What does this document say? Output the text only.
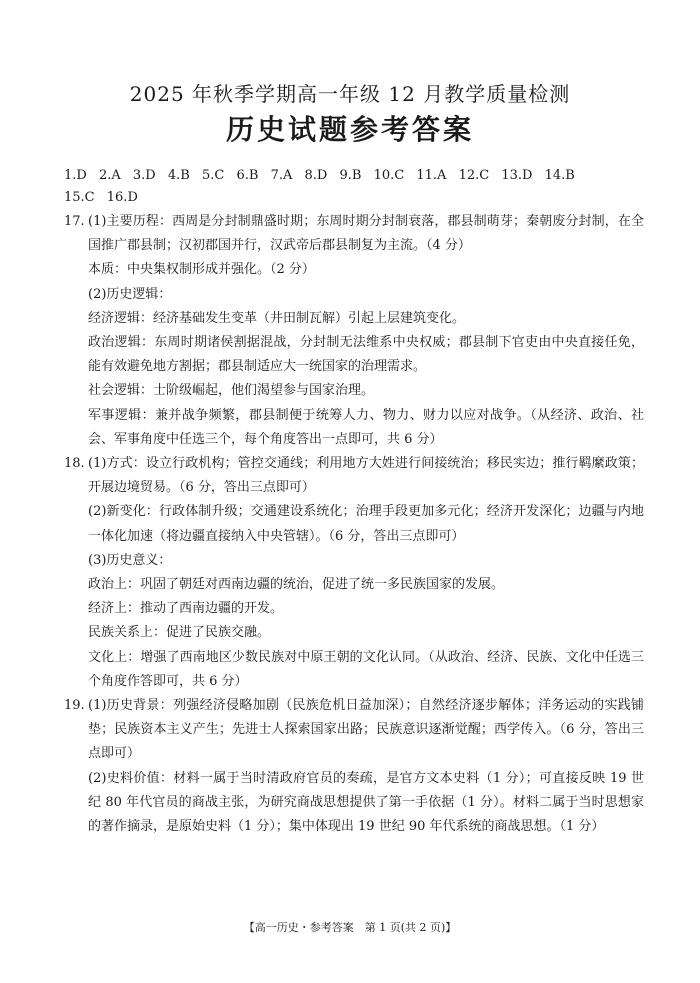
2025 年秋季学期高一年级 12 月教学质量检测
历史试题参考答案
1.D 2.A 3.D 4.B 5.C 6.B 7.A 8.D 9.B 10.C 11.A 12.C 13.D 14.B
15.C 16.D
17. (1)主要历程：西周是分封制鼎盛时期；东周时期分封制衰落，郡县制萌芽；秦朝废分封制，在全国推广郡县制；汉初郡国并行，汉武帝后郡县制复为主流。（4 分）
本质：中央集权制形成并强化。（2 分）
(2)历史逻辑：
经济逻辑：经济基础发生变革（井田制瓦解）引起上层建筑变化。
政治逻辑：东周时期诸侯割据混战，分封制无法维系中央权威；郡县制下官吏由中央直接任免，能有效避免地方割据；郡县制适应大一统国家的治理需求。
社会逻辑：士阶级崛起，他们渴望参与国家治理。
军事逻辑：兼并战争频繁，郡县制便于统筹人力、物力、财力以应对战争。（从经济、政治、社会、军事角度中任选三个，每个角度答出一点即可，共 6 分）
18. (1)方式：设立行政机构；管控交通线；利用地方大姓进行间接统治；移民实边；推行羁縻政策；开展边境贸易。（6 分，答出三点即可）
(2)新变化：行政体制升级；交通建设系统化；治理手段更加多元化；经济开发深化；边疆与内地一体化加速（将边疆直接纳入中央管辖）。（6 分，答出三点即可）
(3)历史意义：
政治上：巩固了朝廷对西南边疆的统治，促进了统一多民族国家的发展。
经济上：推动了西南边疆的开发。
民族关系上：促进了民族交融。
文化上：增强了西南地区少数民族对中原王朝的文化认同。（从政治、经济、民族、文化中任选三个角度作答即可，共 6 分）
19. (1)历史背景：列强经济侵略加剧（民族危机日益加深）；自然经济逐步解体；洋务运动的实践铺垫；民族资本主义产生；先进士人探索国家出路；民族意识逐渐觉醒；西学传入。（6 分，答出三点即可）
(2)史料价值：材料一属于当时清政府官员的奏疏，是官方文本史料（1 分）；可直接反映 19 世纪 80 年代官员的商战主张，为研究商战思想提供了第一手依据（1 分）。材料二属于当时思想家的著作摘录，是原始史料（1 分）；集中体现出 19 世纪 90 年代系统的商战思想。（1 分）
【高一历史・参考答案　第 1 页(共 2 页)】
